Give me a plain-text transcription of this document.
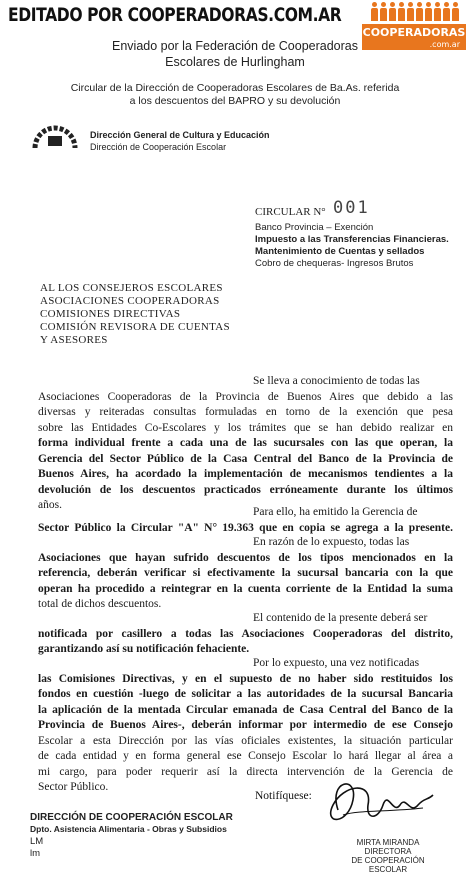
EDITADO POR COOPERADORAS.COM.AR
COOPERADORAS
.com.ar
Enviado por la Federación de Cooperadoras
Escolares de Hurlingham
Circular de la Dirección de Cooperadoras Escolares de Ba.As. referida
a los descuentos del BAPRO y su devolución
Dirección General de Cultura y Educación
Dirección de Cooperación Escolar
CIRCULAR N° 001
Banco Provincia – Exención
Impuesto a las Transferencias Financieras.
Mantenimiento de Cuentas y sellados
Cobro de chequeras- Ingresos Brutos
AL LOS CONSEJEROS ESCOLARES
ASOCIACIONES COOPERADORAS
COMISIONES DIRECTIVAS
COMISIÓN REVISORA DE CUENTAS
Y ASESORES
Se lleva a conocimiento de todas las
Asociaciones Cooperadoras de la Provincia de Buenos Aires que debido a las
diversas y reiteradas consultas formuladas en torno de la exención que pesa
sobre las Entidades Co-Escolares y los trámites que se han debido realizar en
forma individual frente a cada una de las sucursales con las que operan, la
Gerencia del Sector Público de la Casa Central del Banco de la Provincia de
Buenos Aires, ha acordado la implementación de mecanismos tendientes a la
devolución de los descuentos practicados erróneamente durante los últimos
años.
Para ello, ha emitido la Gerencia de
Sector Público la Circular "A" N° 19.363 que en copia se agrega a la presente.
En razón de lo expuesto, todas las
Asociaciones que hayan sufrido descuentos de los tipos mencionados en la
referencia, deberán verificar si efectivamente la sucursal bancaria con la que
operan ha procedido a reintegrar en la cuenta corriente de la Entidad la suma
total de dichos descuentos.
El contenido de la presente deberá ser
notificada por casillero a todas las Asociaciones Cooperadoras del distrito,
garantizando así su notificación fehaciente.
Por lo expuesto, una vez notificadas
las Comisiones Directivas, y en el supuesto de no haber sido restituidos los
fondos en cuestión -luego de solicitar a las autoridades de la sucursal Bancaria
la aplicación de la mentada Circular emanada de Casa Central del Banco de la
Provincia de Buenos Aires-, deberán informar por intermedio de ese Consejo
Escolar a esta Dirección por las vías oficiales existentes, la situación particular
de cada entidad y en forma general ese Consejo Escolar lo hará llegar al área a
mi cargo, para poder requerir así la directa intervención de la Gerencia de
Sector Público.
Notifíquese:
DIRECCIÓN DE COOPERACIÓN ESCOLAR
Dpto. Asistencia Alimentaria - Obras y Subsidios
LM
lm
MIRTA MIRANDA
DIRECTORA
DE COOPERACIÓN ESCOLAR
